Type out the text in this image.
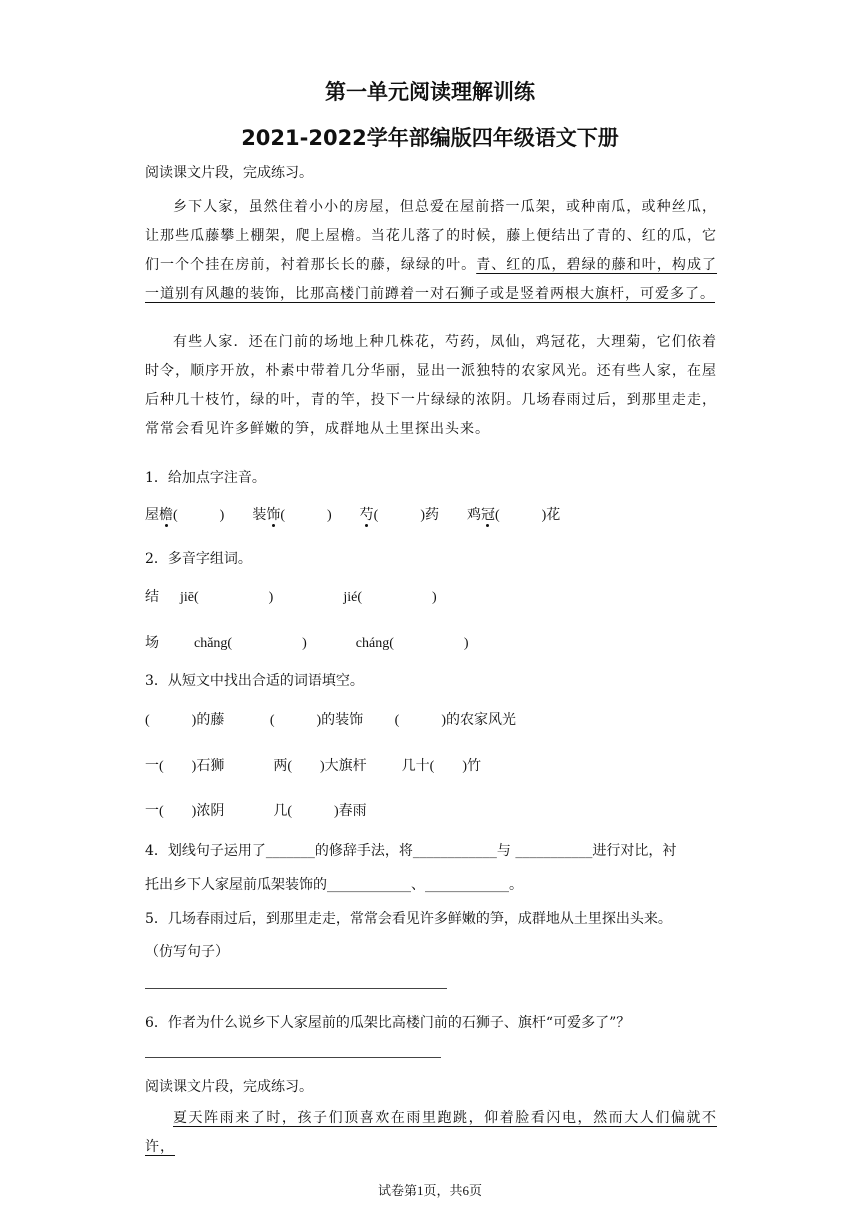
第一单元阅读理解训练
2021-2022学年部编版四年级语文下册
阅读课文片段，完成练习。
乡下人家，虽然住着小小的房屋，但总爱在屋前搭一瓜架，或种南瓜，或种丝瓜，让那些瓜藤攀上棚架，爬上屋檐。当花儿落了的时候，藤上便结出了青的、红的瓜，它们一个个挂在房前，衬着那长长的藤，绿绿的叶。青、红的瓜，碧绿的藤和叶，构成了一道别有风趣的装饰，比那高楼门前蹲着一对石狮子或是竖着两根大旗杆，可爱多了。
有些人家．还在门前的场地上种几株花，芍药，凤仙，鸡冠花，大理菊，它们依着时令，顺序开放，朴素中带着几分华丽，显出一派独特的农家风光。还有些人家，在屋后种几十枝竹，绿的叶，青的竿，投下一片绿绿的浓阴。几场春雨过后，到那里走走，常常会看见许多鲜嫩的笋，成群地从土里探出头来。
1．给加点字注音。
屋檐(　　　) 装饰(　　　) 芍(　　　)药 鸡冠(　　　)花
2．多音字组词。
结 jiē(	)	jié(	)
场	chǎng(	)	cháng(	)
3．从短文中找出合适的词语填空。
(　　　)的藤	(　　　)的装饰 (　　　)的农家风光
一(　　)石狮	两(　　)大旗杆	几十(　　)竹
一(　　)浓阴	几(　　　)春雨
4．划线句子运用了_______的修辞手法，将____________与 ___________进行对比，衬
托出乡下人家屋前瓜架装饰的____________、____________。
5．几场春雨过后，到那里走走，常常会看见许多鲜嫩的笋，成群地从土里探出头来。
（仿写句子）
6．作者为什么说乡下人家屋前的瓜架比高楼门前的石狮子、旗杆“可爱多了”？
阅读课文片段，完成练习。
夏天阵雨来了时，孩子们顶喜欢在雨里跑跳，仰着脸看闪电，然而大人们偏就不许，
试卷第1页，共6页
